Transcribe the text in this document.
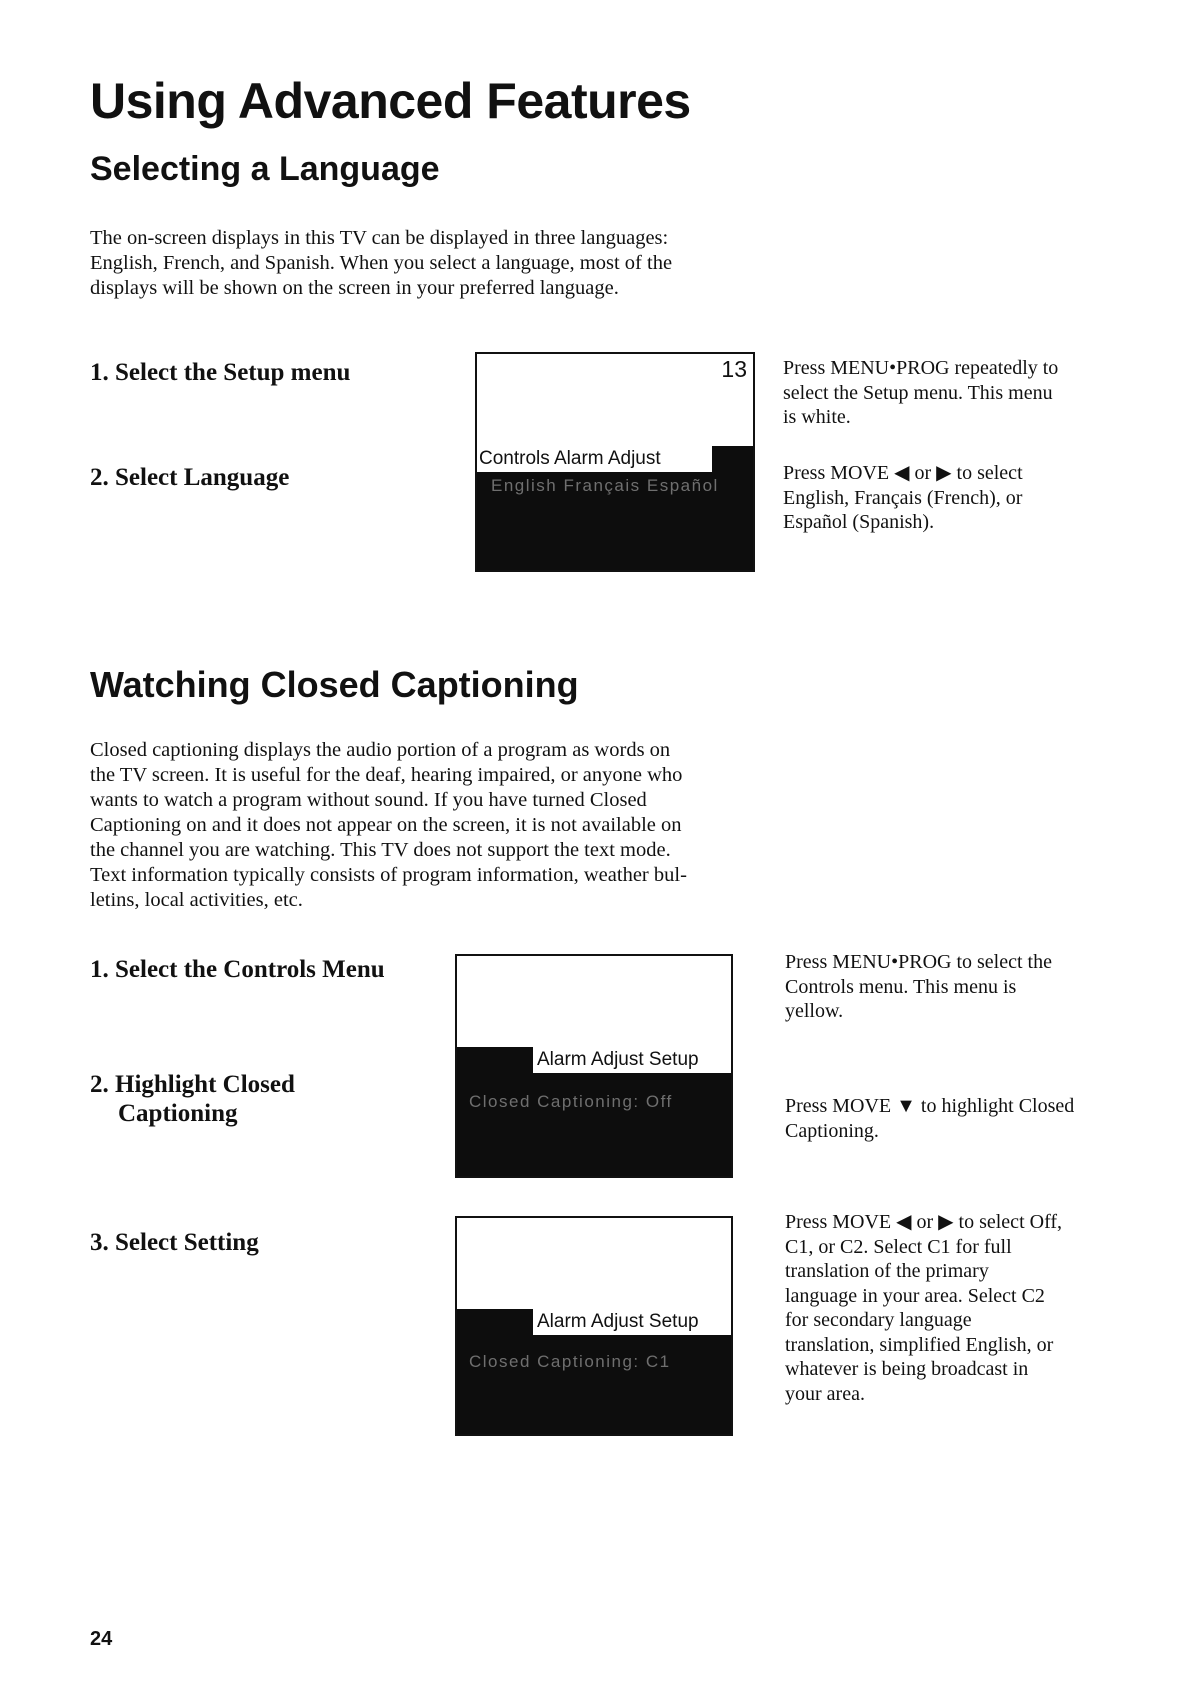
Using Advanced Features
Selecting a Language
The on-screen displays in this TV can be displayed in three languages:
English, French, and Spanish. When you select a language, most of the
displays will be shown on the screen in your preferred language.
1. Select the Setup menu
2. Select Language
13
Controls Alarm Adjust
English Français Español
Press MENU•PROG repeatedly to
select the Setup menu. This menu
is white.
Press MOVE ◀ or ▶ to select
English, Français (French), or
Español (Spanish).
Watching Closed Captioning
Closed captioning displays the audio portion of a program as words on
the TV screen. It is useful for the deaf, hearing impaired, or anyone who
wants to watch a program without sound. If you have turned Closed
Captioning on and it does not appear on the screen, it is not available on
the channel you are watching. This TV does not support the text mode.
Text information typically consists of program information, weather bul-
letins, local activities, etc.
1. Select the Controls Menu
2. Highlight Closed
Captioning
3. Select Setting
Alarm Adjust Setup
Closed Captioning: Off
Alarm Adjust Setup
Closed Captioning: C1
Press MENU•PROG to select the
Controls menu. This menu is
yellow.
Press MOVE ▼ to highlight Closed
Captioning.
Press MOVE ◀ or ▶ to select Off,
C1, or C2. Select C1 for full
translation of the primary
language in your area. Select C2
for secondary language
translation, simplified English, or
whatever is being broadcast in
your area.
24
